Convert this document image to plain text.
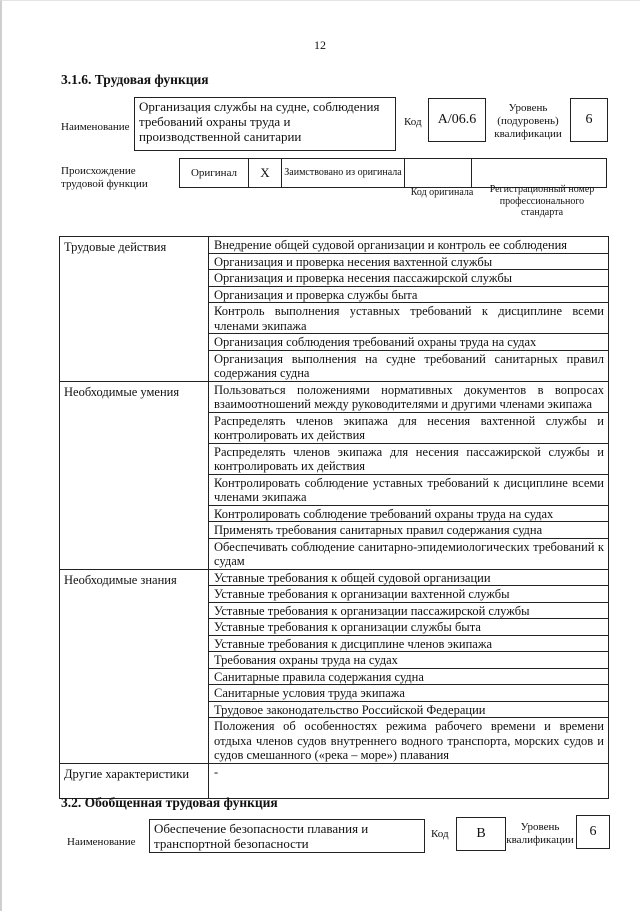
12
3.1.6. Трудовая функция
Наименование
Организация службы на судне, соблюдения требований охраны труда и производственной санитарии
Код	A/06.6
Уровень (подуровень) квалификации
6
Происхождение трудовой функции
Оригинал	X	Заимствовано из оригинала
Код оригинала	Регистрационный номер профессионального стандарта
Трудовые действия	Внедрение общей судовой организации и контроль ее соблюдения
	Организация и проверка несения вахтенной службы
	Организация и проверка несения пассажирской службы
	Организация и проверка службы быта
	Контроль выполнения уставных требований к дисциплине всеми членами экипажа
	Организация соблюдения требований охраны труда на судах
	Организация выполнения на судне требований санитарных правил содержания судна
Необходимые умения	Пользоваться положениями нормативных документов в вопросах взаимоотношений между руководителями и другими членами экипажа
	Распределять членов экипажа для несения вахтенной службы и контролировать их действия
	Распределять членов экипажа для несения пассажирской службы и контролировать их действия
	Контролировать соблюдение уставных требований к дисциплине всеми членами экипажа
	Контролировать соблюдение требований охраны труда на судах
	Применять требования санитарных правил содержания судна
	Обеспечивать соблюдение санитарно-эпидемиологических требований к судам
Необходимые знания	Уставные требования к общей судовой организации
	Уставные требования к организации вахтенной службы
	Уставные требования к организации пассажирской службы
	Уставные требования к организации службы быта
	Уставные требования к дисциплине членов экипажа
	Требования охраны труда на судах
	Санитарные правила содержания судна
	Санитарные условия труда экипажа
	Трудовое законодательство Российской Федерации
	Положения об особенностях режима рабочего времени и времени отдыха членов судов внутреннего водного транспорта, морских судов и судов смешанного («река – море») плавания
Другие характеристики	-
3.2. Обобщенная трудовая функция
Наименование
Обеспечение безопасности плавания и транспортной безопасности
Код	B	Уровень квалификации
6
